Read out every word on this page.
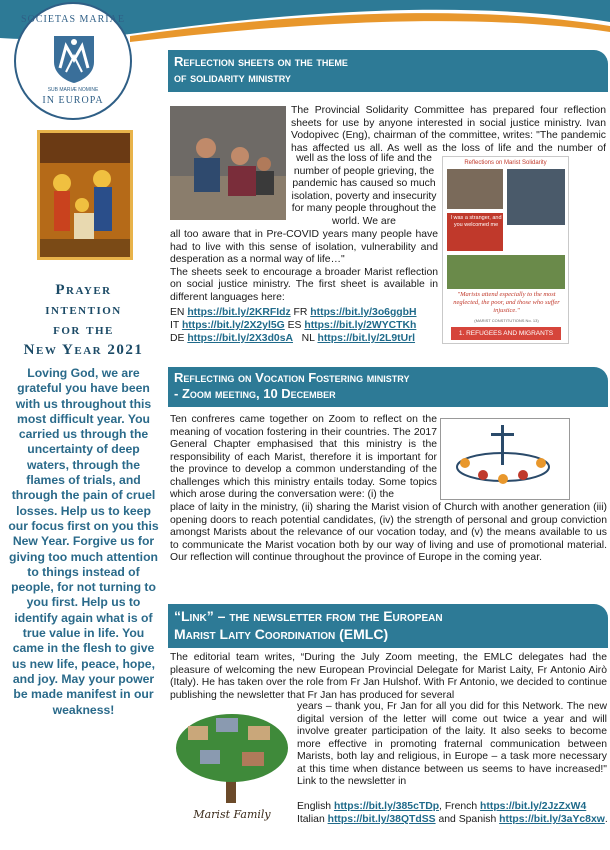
SOCIETAS MARIAE
SUB MARIÆ NOMINE
IN EUROPA
Prayer
intention
for the
New Year 2021
Loving God, we are grateful you have been with us throughout this most difficult year. You carried us through the uncertainty of deep waters, through the flames of trials, and through the pain of cruel losses. Help us to keep our focus first on you this New Year. Forgive us for giving too much attention to things instead of people, for not turning to you first. Help us to identify again what is of true value in life. You came in the flesh to give us new life, peace, hope, and joy. May your power be made manifest in our weakness!
Reflection sheets on the theme
of solidarity ministry
The Provincial Solidarity Committee has prepared four reflection sheets for use by anyone interested in social justice ministry. Ivan Vodopivec (Eng), chairman of the committee, writes: "The pandemic has affected us all. As well as the loss of life and the number of
Reflections on Marist Solidarity
I was a stranger, and you welcomed me
"Marists attend especially to the most neglected, the poor, and those who suffer injustice."
(MARIST CONSTITUTIONS No. 13)
1. REFUGEES AND MIGRANTS
well as the loss of life and the number of people grieving, the pandemic has caused so much isolation, poverty and insecurity for many people throughout the world. We are
all too aware that in Pre-COVID years many people have had to live with this sense of isolation, vulnerability and desperation as a normal way of life…"
The sheets seek to encourage a broader Marist reflection on social justice ministry. The first sheet is available in different languages here:
EN https://bit.ly/2KRFIdz FR https://bit.ly/3o6ggbH
IT https://bit.ly/2X2yl5G ES https://bit.ly/2WYCTKh
DE https://bit.ly/2X3d0sA NL https://bit.ly/2L9tUrl
Reflecting on Vocation Fostering ministry
- Zoom meeting, 10 December
Ten confreres came together on Zoom to reflect on the meaning of vocation fostering in their countries. The 2017 General Chapter emphasised that this ministry is the responsibility of each Marist, therefore it is important for the province to develop a common understanding of the challenges which this ministry entails today. Some topics which arose during the conversation were: (i) the
place of laity in the ministry, (ii) sharing the Marist vision of Church with another generation (iii) opening doors to reach potential candidates, (iv) the strength of personal and group conviction amongst Marists about the relevance of our vocation today, and (v) the means available to us to communicate the Marist vocation both by our way of living and use of promotional material. Our reflection will continue throughout the province of Europe in the coming year.
“Link” – the newsletter from the European
Marist Laity Coordination (EMLC)
The editorial team writes, “During the July Zoom meeting, the EMLC delegates had the pleasure of welcoming the new European Provincial Delegate for Marist Laity, Fr Antonio Airò (Italy). He has taken over the role from Fr Jan Hulshof. With Fr Antonio, we decided to continue publishing the newsletter that Fr Jan has produced for several
Marist Family
years – thank you, Fr Jan for all you did for this Network. The new digital version of the letter will come out twice a year and will involve greater participation of the laity. It also seeks to become more effective in promoting fraternal communication between Marists, both lay and religious, in Europe – a task more necessary at this time when distance between us seems to have increased!" Link to the newsletter in
English https://bit.ly/385cTDp, French https://bit.ly/2JzZxW4
Italian https://bit.ly/38QTdSS and Spanish https://bit.ly/3aYc8xw.
